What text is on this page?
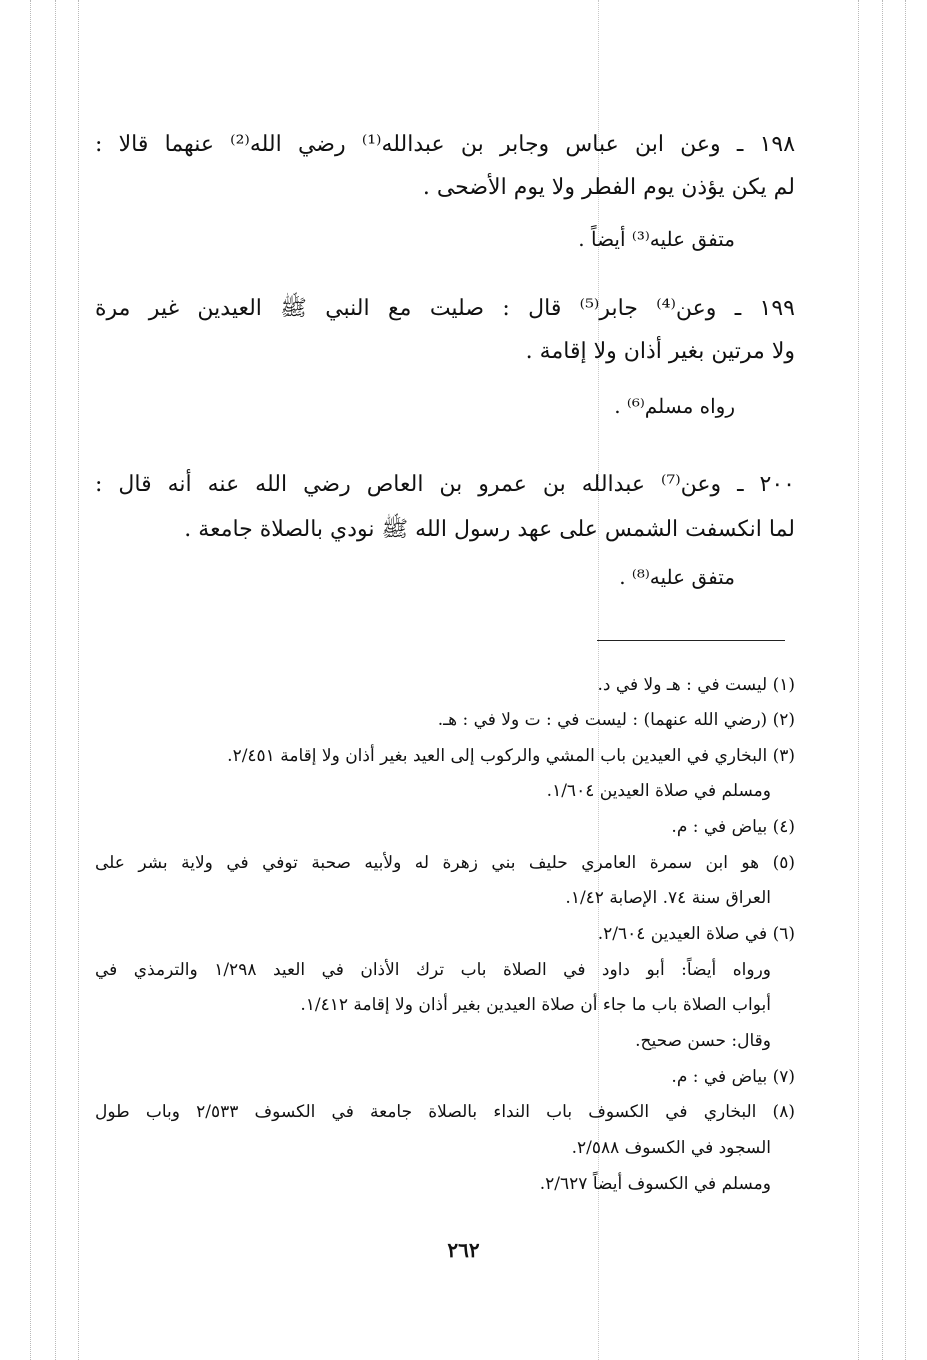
١٩٨ ـ وعن ابن عباس وجابر بن عبدالله⁽¹⁾ رضي الله⁽²⁾ عنهما قالا :
لم يكن يؤذن يوم الفطر ولا يوم الأضحى .
متفق عليه⁽³⁾ أيضاً .
١٩٩ ـ وعن⁽⁴⁾ جابر⁽⁵⁾ قال : صليت مع النبي ﷺ العيدين غير مرة
ولا مرتين بغير أذان ولا إقامة .
رواه مسلم⁽⁶⁾ .
٢٠٠ ـ وعن⁽⁷⁾ عبدالله بن عمرو بن العاص رضي الله عنه أنه قال :
لما انكسفت الشمس على عهد رسول الله ﷺ نودي بالصلاة جامعة .
متفق عليه⁽⁸⁾ .
(١) ليست في : هـ ولا في د.
(٢) (رضي الله عنهما) : ليست في : ت ولا في : هـ.
(٣) البخاري في العيدين باب المشي والركوب إلى العيد بغير أذان ولا إقامة ٢/٤٥١.
ومسلم في صلاة العيدين ١/٦٠٤.
(٤) بياض في : م.
(٥) هو ابن سمرة العامري حليف بني زهرة له ولأبيه صحبة توفي في ولاية بشر على
العراق سنة ٧٤. الإصابة ١/٤٢.
(٦) في صلاة العيدين ٢/٦٠٤.
ورواه أيضاً: أبو داود في الصلاة باب ترك الأذان في العيد ١/٢٩٨ والترمذي في
أبواب الصلاة باب ما جاء أن صلاة العيدين بغير أذان ولا إقامة ١/٤١٢.
وقال: حسن صحيح.
(٧) بياض في : م.
(٨) البخاري في الكسوف باب النداء بالصلاة جامعة في الكسوف ٢/٥٣٣ وباب طول
السجود في الكسوف ٢/٥٨٨.
ومسلم في الكسوف أيضاً ٢/٦٢٧.
٢٦٢
